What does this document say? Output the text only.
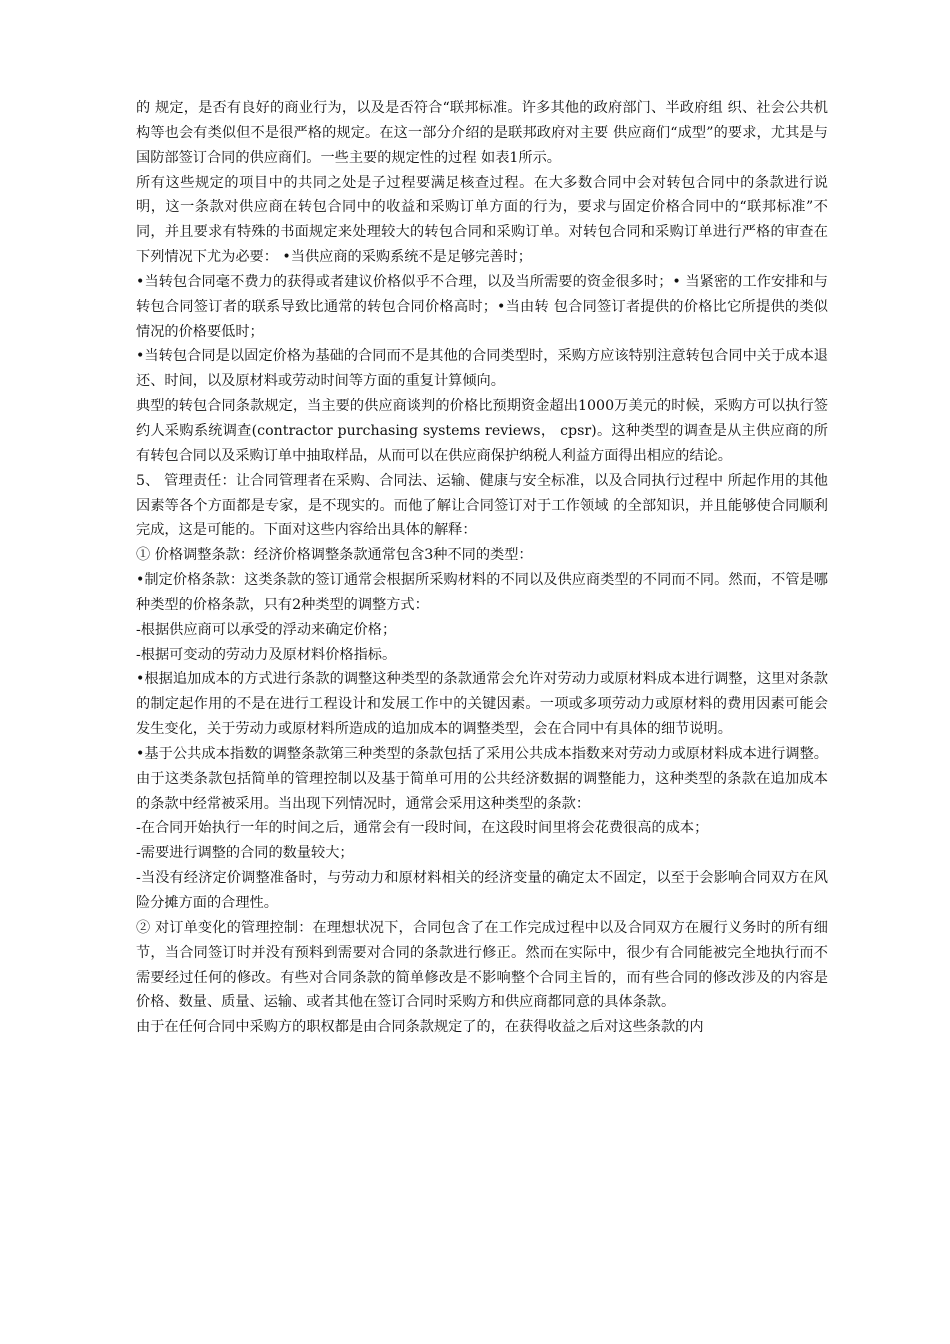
的 规定，是否有良好的商业行为，以及是否符合“联邦标准。许多其他的政府部门、半政府组 织、社会公共机构等也会有类似但不是很严格的规定。在这一部分介绍的是联邦政府对主要 供应商们“成型”的要求，尤其是与国防部签订合同的供应商们。一些主要的规定性的过程 如表1所示。

所有这些规定的项目中的共同之处是子过程要满足核查过程。在大多数合同中会对转包合同中的条款进行说明，这一条款对供应商在转包合同中的收益和采购订单方面的行为，要求与固定价格合同中的“联邦标准”不同，并且要求有特殊的书面规定来处理较大的转包合同和采购订单。对转包合同和采购订单进行严格的审查在下列情况下尤为必要： •当供应商的采购系统不是足够完善时；

•当转包合同毫不费力的获得或者建议价格似乎不合理，以及当所需要的资金很多时；• 当紧密的工作安排和与转包合同签订者的联系导致比通常的转包合同价格高时；•当由转 包合同签订者提供的价格比它所提供的类似情况的价格要低时；

•当转包合同是以固定价格为基础的合同而不是其他的合同类型时，采购方应该特别注意转包合同中关于成本退还、时间，以及原材料或劳动时间等方面的重复计算倾向。

典型的转包合同条款规定，当主要的供应商谈判的价格比预期资金超出1000万美元的时候，采购方可以执行签约人采购系统调查(contractor purchasing systems reviews， cpsr)。这种类型的调查是从主供应商的所有转包合同以及采购订单中抽取样品，从而可以在供应商保护纳税人利益方面得出相应的结论。

5、 管理责任：让合同管理者在采购、合同法、运输、健康与安全标准，以及合同执行过程中 所起作用的其他因素等各个方面都是专家，是不现实的。而他了解让合同签订对于工作领域 的全部知识，并且能够使合同顺利完成，这是可能的。下面对这些内容给出具体的解释：

① 价格调整条款：经济价格调整条款通常包含3种不同的类型：

•制定价格条款：这类条款的签订通常会根据所采购材料的不同以及供应商类型的不同而不同。然而，不管是哪种类型的价格条款，只有2种类型的调整方式：

-根据供应商可以承受的浮动来确定价格；

-根据可变动的劳动力及原材料价格指标。

•根据追加成本的方式进行条款的调整这种类型的条款通常会允许对劳动力或原材料成本进行调整，这里对条款的制定起作用的不是在进行工程设计和发展工作中的关键因素。一项或多项劳动力或原材料的费用因素可能会发生变化，关于劳动力或原材料所造成的追加成本的调整类型，会在合同中有具体的细节说明。

•基于公共成本指数的调整条款第三种类型的条款包括了采用公共成本指数来对劳动力或原材料成本进行调整。由于这类条款包括简单的管理控制以及基于简单可用的公共经济数据的调整能力，这种类型的条款在追加成本的条款中经常被采用。当出现下列情况时，通常会采用这种类型的条款：

-在合同开始执行一年的时间之后，通常会有一段时间，在这段时间里将会花费很高的成本；

-需要进行调整的合同的数量较大；

-当没有经济定价调整准备时，与劳动力和原材料相关的经济变量的确定太不固定，以至于会影响合同双方在风险分摊方面的合理性。

② 对订单变化的管理控制：在理想状况下，合同包含了在工作完成过程中以及合同双方在履行义务时的所有细节，当合同签订时并没有预料到需要对合同的条款进行修正。然而在实际中，很少有合同能被完全地执行而不需要经过任何的修改。有些对合同条款的简单修改是不影响整个合同主旨的，而有些合同的修改涉及的内容是价格、数量、质量、运输、或者其他在签订合同时采购方和供应商都同意的具体条款。

由于在任何合同中采购方的职权都是由合同条款规定了的，在获得收益之后对这些条款的内
